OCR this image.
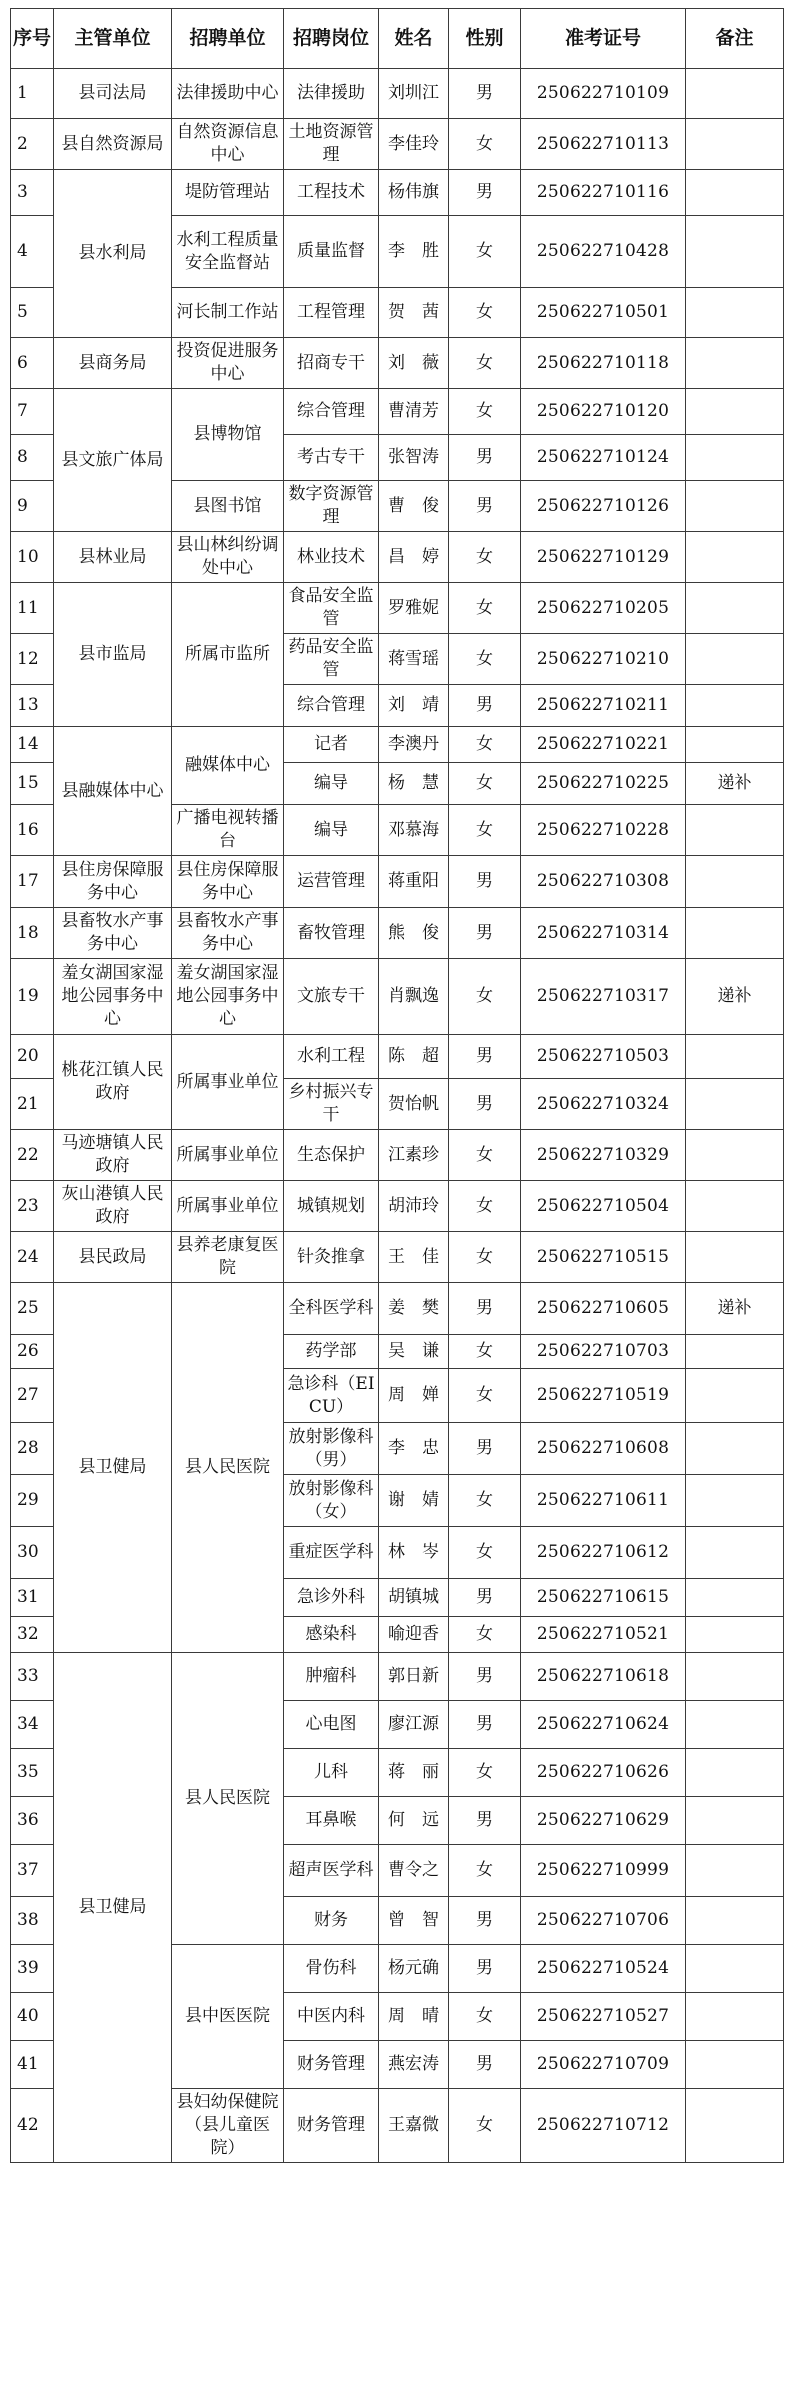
序号	主管单位	招聘单位	招聘岗位	姓名	性别	准考证号	备注
1	县司法局	法律援助中心	法律援助	刘圳江	男	250622710109	
2	县自然资源局	自然资源信息中心	土地资源管理	李佳玲	女	250622710113	
3	县水利局	堤防管理站	工程技术	杨伟旗	男	250622710116	
4		水利工程质量安全监督站	质量监督	李　胜	女	250622710428	
5		河长制工作站	工程管理	贺　茜	女	250622710501	
6	县商务局	投资促进服务中心	招商专干	刘　薇	女	250622710118	
7	县文旅广体局	县博物馆	综合管理	曹清芳	女	250622710120	
8			考古专干	张智涛	男	250622710124	
9		县图书馆	数字资源管理	曹　俊	男	250622710126	
10	县林业局	县山林纠纷调处中心	林业技术	昌　婷	女	250622710129	
11	县市监局	所属市监所	食品安全监管	罗雅妮	女	250622710205	
12			药品安全监管	蒋雪瑶	女	250622710210	
13			综合管理	刘　靖	男	250622710211	
14	县融媒体中心	融媒体中心	记者	李澳丹	女	250622710221	
15			编导	杨　慧	女	250622710225	递补
16		广播电视转播台	编导	邓慕海	女	250622710228	
17	县住房保障服务中心	县住房保障服务中心	运营管理	蒋重阳	男	250622710308	
18	县畜牧水产事务中心	县畜牧水产事务中心	畜牧管理	熊　俊	男	250622710314	
19	羞女湖国家湿地公园事务中心	羞女湖国家湿地公园事务中心	文旅专干	肖飘逸	女	250622710317	递补
20	桃花江镇人民政府	所属事业单位	水利工程	陈　超	男	250622710503	
21			乡村振兴专干	贺怡帆	男	250622710324	
22	马迹塘镇人民政府	所属事业单位	生态保护	江素珍	女	250622710329	
23	灰山港镇人民政府	所属事业单位	城镇规划	胡沛玲	女	250622710504	
24	县民政局	县养老康复医院	针灸推拿	王　佳	女	250622710515	
25	县卫健局	县人民医院	全科医学科	姜　樊	男	250622710605	递补
26			药学部	吴　谦	女	250622710703	
27			急诊科（EICU）	周　婵	女	250622710519	
28			放射影像科（男）	李　忠	男	250622710608	
29			放射影像科（女）	谢　婧	女	250622710611	
30			重症医学科	林　岑	女	250622710612	
31			急诊外科	胡镇城	男	250622710615	
32			感染科	喻迎香	女	250622710521	
33	县卫健局	县人民医院	肿瘤科	郭日新	男	250622710618	
34			心电图	廖江源	男	250622710624	
35			儿科	蒋　丽	女	250622710626	
36			耳鼻喉	何　远	男	250622710629	
37			超声医学科	曹令之	女	250622710999	
38			财务	曾　智	男	250622710706	
39		县中医医院	骨伤科	杨元确	男	250622710524	
40			中医内科	周　晴	女	250622710527	
41			财务管理	燕宏涛	男	250622710709	
42		县妇幼保健院（县儿童医院）	财务管理	王嘉微	女	250622710712	
